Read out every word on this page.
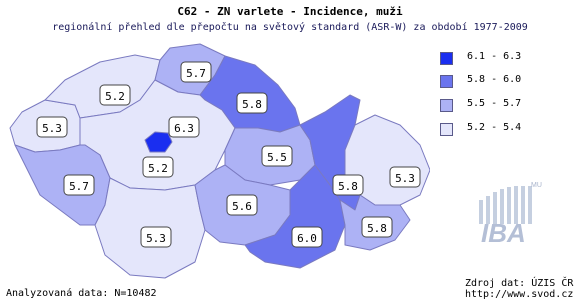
C62 - ZN varlete - Incidence, muži
regionální přehled dle přepočtu na světový standard (ASR-W) za období 1977-2009
5.3
5.2
5.7
5.2
6.3
5.8
5.5
5.7
5.3
5.6
6.0
5.8
5.3
5.8
6.1 - 6.3
5.8 - 6.0
5.5 - 5.7
5.2 - 5.4
MU
IBA
Analyzovaná data: N=10482
Zdroj dat: ÚZIS ČR
http://www.svod.cz
